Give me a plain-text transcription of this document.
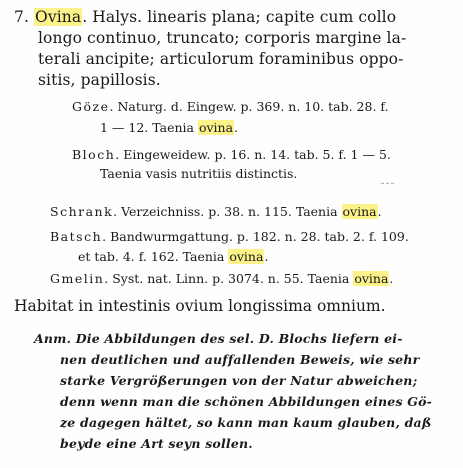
7. Ovina. Halys. linearis plana; capite cum collo
longo continuo, truncato; corporis margine la-
terali ancipite; articulorum foraminibus oppo-
sitis, papillosis.
Göze. Naturg. d. Eingew. p. 369. n. 10. tab. 28. f.
1 — 12. Taenia ovina.
Bloch. Eingeweidew. p. 16. n. 14. tab. 5. f. 1 — 5.
Taenia vasis nutritiis distinctis.
˘˘˘
Schrank. Verzeichniss. p. 38. n. 115. Taenia ovina.
Batsch. Bandwurmgattung. p. 182. n. 28. tab. 2. f. 109.
et tab. 4. f. 162. Taenia ovina.
Gmelin. Syst. nat. Linn. p. 3074. n. 55. Taenia ovina.
Habitat in intestinis ovium longissima omnium.
Anm. Die Abbildungen des sel. D. Blochs liefern ei-
nen deutlichen und auffallenden Beweis, wie sehr
starke Vergrößerungen von der Natur abweichen;
denn wenn man die schönen Abbildungen eines Gö-
ze dagegen hältet, so kann man kaum glauben, daß
beyde eine Art seyn sollen.
